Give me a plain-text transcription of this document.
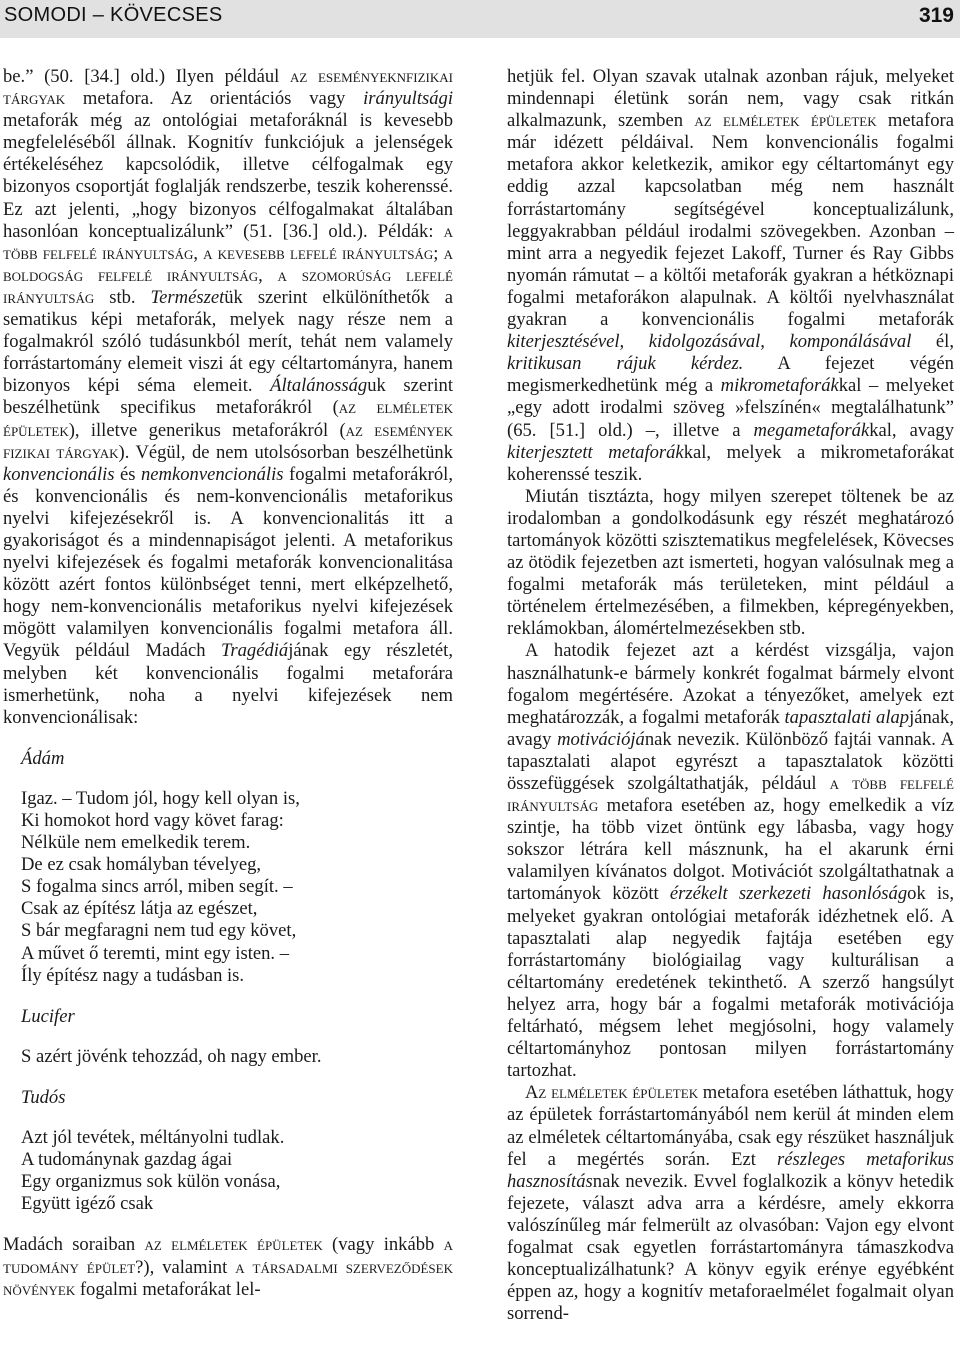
SOMODI – KÖVECSES	319

be.” (50. [34.] old.) Ilyen például az eseményeknfizikai tárgyak metafora. Az orientációs vagy irányultsági metaforák még az ontológiai metaforáknál is kevesebb megfeleléséből állnak. Kognitív funkciójuk a jelenségek értékeléséhez kapcsolódik, illetve célfogalmak egy bizonyos csoportját foglalják rendszerbe, teszik koherenssé. Ez azt jelenti, „hogy bizonyos célfogalmakat általában hasonlóan konceptualizálunk” (51. [36.] old.). Példák: a több felfelé irányultság, a kevesebb lefelé irányultság; a boldogság felfelé irányultság, a szomorúság lefelé irányultság stb. Természetük szerint elkülöníthetők a sematikus képi metaforák, melyek nagy része nem a fogalmakról szóló tudásunkból merít, tehát nem valamely forrástartomány elemeit viszi át egy céltartományra, hanem bizonyos képi séma elemeit. Általánosságuk szerint beszélhetünk specifikus metaforákról (az elméletek épületek), illetve generikus metaforákról (az események fizikai tárgyak). Végül, de nem utolsósorban beszélhetünk konvencionális és nemkonvencionális fogalmi metaforákról, és konvencionális és nem-konvencionális metaforikus nyelvi kifejezésekről is. A konvencionalitás itt a gyakoriságot és a mindennapiságot jelenti. A metaforikus nyelvi kifejezések és fogalmi metaforák konvencionalitása között azért fontos különbséget tenni, mert elképzelhető, hogy nem-konvencionális metaforikus nyelvi kifejezések mögött valamilyen konvencionális fogalmi metafora áll. Vegyük például Madách Tragédiájának egy részletét, melyben két konvencionális fogalmi metaforára ismerhetünk, noha a nyelvi kifejezések nem konvencionálisak:

Ádám
Igaz. – Tudom jól, hogy kell olyan is,
Ki homokot hord vagy követ farag:
Nélküle nem emelkedik terem.
De ez csak homályban tévelyeg,
S fogalma sincs arról, miben segít. –
Csak az építész látja az egészet,
S bár megfaragni nem tud egy követ,
A művet ő teremti, mint egy isten. –
Íly építész nagy a tudásban is.
Lucifer
S azért jövénk tehozzád, oh nagy ember.
Tudós
Azt jól tevétek, méltányolni tudlak.
A tudománynak gazdag ágai
Egy organizmus sok külön vonása,
Együtt igéző csak

Madách soraiban az elméletek épületek (vagy inkább a tudomány épület?), valamint a társadalmi szerveződések növények fogalmi metaforákat lel-

hetjük fel. Olyan szavak utalnak azonban rájuk, melyeket mindennapi életünk során nem, vagy csak ritkán alkalmazunk, szemben az elméletek épületek metafora már idézett példáival. Nem konvencionális fogalmi metafora akkor keletkezik, amikor egy céltartományt egy eddig azzal kapcsolatban még nem használt forrástartomány segítségével konceptualizálunk, leggyakrabban például irodalmi szövegekben. Azonban – mint arra a negyedik fejezet Lakoff, Turner és Ray Gibbs nyomán rámutat – a költői metaforák gyakran a hétköznapi fogalmi metaforákon alapulnak. A költői nyelvhasználat gyakran a konvencionális fogalmi metaforák kiterjesztésével, kidolgozásával, komponálásával él, kritikusan rájuk kérdez. A fejezet végén megismerkedhetünk még a mikrometaforákkal – melyeket „egy adott irodalmi szöveg »felszínén« megtalálhatunk” (65. [51.] old.) –, illetve a megametaforákkal, avagy kiterjesztett metaforákkal, melyek a mikrometaforákat koherenssé teszik.

Miután tisztázta, hogy milyen szerepet töltenek be az irodalomban a gondolkodásunk egy részét meghatározó tartományok közötti szisztematikus megfelelések, Kövecses az ötödik fejezetben azt ismerteti, hogyan valósulnak meg a fogalmi metaforák más területeken, mint például a történelem értelmezésében, a filmekben, képregényekben, reklámokban, álomértelmezésekben stb.

A hatodik fejezet azt a kérdést vizsgálja, vajon használhatunk-e bármely konkrét fogalmat bármely elvont fogalom megértésére. Azokat a tényezőket, amelyek ezt meghatározzák, a fogalmi metaforák tapasztalati alapjának, avagy motivációjának nevezik. Különböző fajtái vannak. A tapasztalati alapot egyrészt a tapasztalatok közötti összefüggések szolgáltathatják, például a több felfelé irányultság metafora esetében az, hogy emelkedik a víz szintje, ha több vizet öntünk egy lábasba, vagy hogy sokszor létrára kell másznunk, ha el akarunk érni valamilyen kívánatos dolgot. Motivációt szolgáltathatnak a tartományok között érzékelt szerkezeti hasonlóságok is, melyeket gyakran ontológiai metaforák idézhetnek elő. A tapasztalati alap negyedik fajtája esetében egy forrástartomány biológiailag vagy kulturálisan a céltartomány eredetének tekinthető. A szerző hangsúlyt helyez arra, hogy bár a fogalmi metaforák motivációja feltárható, mégsem lehet megjósolni, hogy valamely céltartományhoz pontosan milyen forrástartomány tartozhat.

Az elméletek épületek metafora esetében láthattuk, hogy az épületek forrástartományából nem kerül át minden elem az elméletek céltartományába, csak egy részüket használjuk fel a megértés során. Ezt részleges metaforikus hasznosításnak nevezik. Evvel foglalkozik a könyv hetedik fejezete, választ adva arra a kérdésre, amely ekkorra valószínűleg már felmerült az olvasóban: Vajon egy elvont fogalmat csak egyetlen forrástartományra támaszkodva konceptualizálhatunk? A könyv egyik erénye egyébként éppen az, hogy a kognitív metaforaelmélet fogalmait olyan sorrend-
